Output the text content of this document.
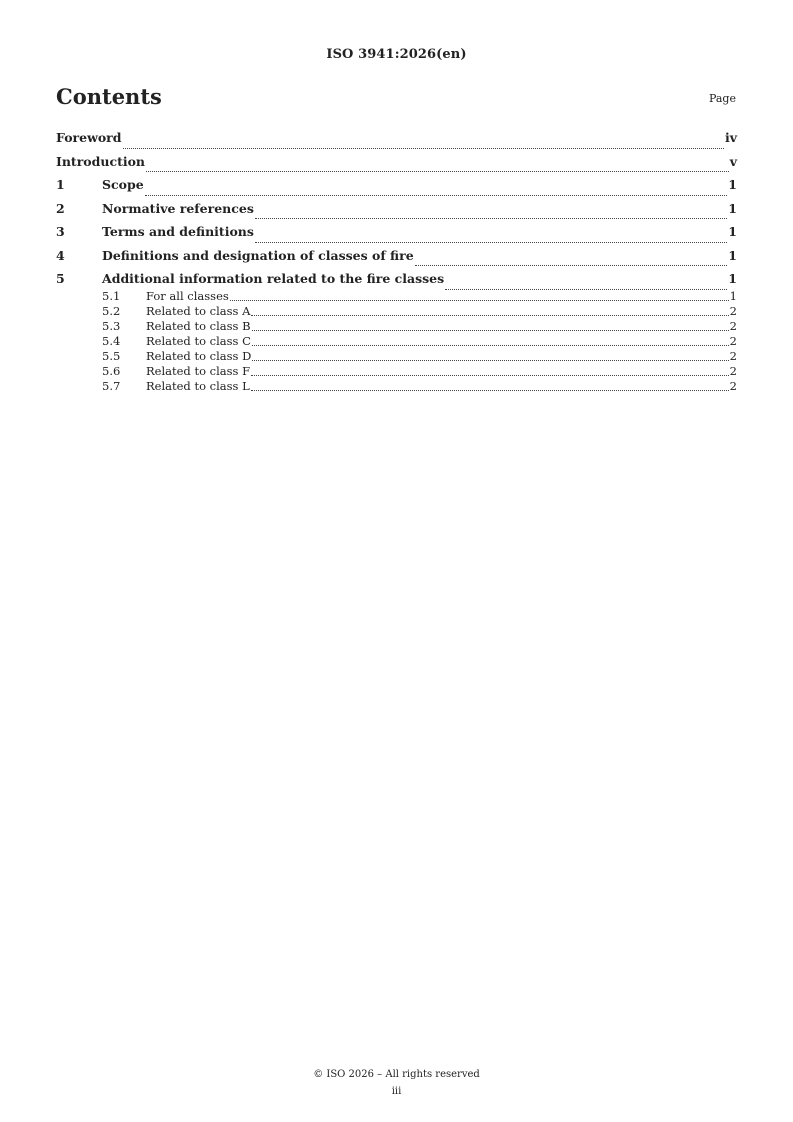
ISO 3941:2026(en)
Contents	Page
Foreword	iv
Introduction	v
1	Scope	1
2	Normative references	1
3	Terms and definitions	1
4	Definitions and designation of classes of fire	1
5	Additional information related to the fire classes	1
5.1	For all classes	1
5.2	Related to class A	2
5.3	Related to class B	2
5.4	Related to class C	2
5.5	Related to class D	2
5.6	Related to class F	2
5.7	Related to class L	2
© ISO 2026 – All rights reserved
iii
